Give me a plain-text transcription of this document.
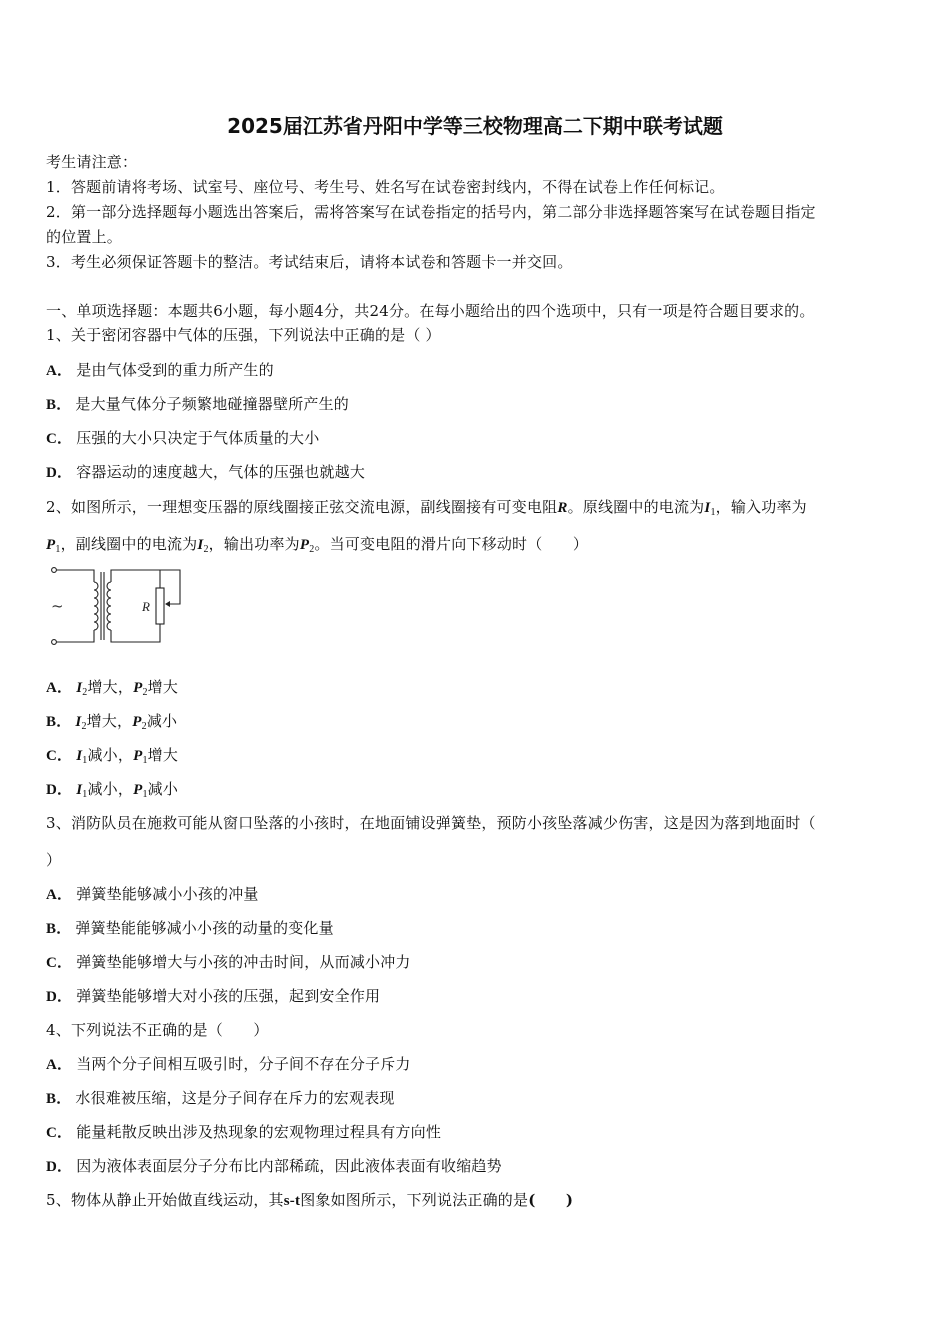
2025届江苏省丹阳中学等三校物理高二下期中联考试题
考生请注意：
1．答题前请将考场、试室号、座位号、考生号、姓名写在试卷密封线内，不得在试卷上作任何标记。
2．第一部分选择题每小题选出答案后，需将答案写在试卷指定的括号内，第二部分非选择题答案写在试卷题目指定
的位置上。
3．考生必须保证答题卡的整洁。考试结束后，请将本试卷和答题卡一并交回。
一、单项选择题：本题共6小题，每小题4分，共24分。在每小题给出的四个选项中，只有一项是符合题目要求的。
1、关于密闭容器中气体的压强，下列说法中正确的是（ ）
A． 是由气体受到的重力所产生的
B． 是大量气体分子频繁地碰撞器壁所产生的
C． 压强的大小只决定于气体质量的大小
D． 容器运动的速度越大，气体的压强也就越大
2、如图所示，一理想变压器的原线圈接正弦交流电源，副线圈接有可变电阻R。原线圈中的电流为$I_1$，输入功率为
$P_1$，副线圈中的电流为$I_2$，输出功率为$P_2$。当可变电阻的滑片向下移动时（　　）
~	R
A． $I_2$增大，$P_2$增大
B． $I_2$增大，$P_2$减小
C． $I_1$减小，$P_1$增大
D． $I_1$减小，$P_1$减小
3、消防队员在施救可能从窗口坠落的小孩时，在地面铺设弹簧垫，预防小孩坠落减少伤害，这是因为落到地面时（
）
A． 弹簧垫能够减小小孩的冲量
B． 弹簧垫能能够减小小孩的动量的变化量
C． 弹簧垫能够增大与小孩的冲击时间，从而减小冲力
D． 弹簧垫能够增大对小孩的压强，起到安全作用
4、下列说法不正确的是（　　）
A． 当两个分子间相互吸引时，分子间不存在分子斥力
B． 水很难被压缩，这是分子间存在斥力的宏观表现
C． 能量耗散反映出涉及热现象的宏观物理过程具有方向性
D． 因为液体表面层分子分布比内部稀疏，因此液体表面有收缩趋势
5、物体从静止开始做直线运动，其s-t图象如图所示，下列说法正确的是(　　)
